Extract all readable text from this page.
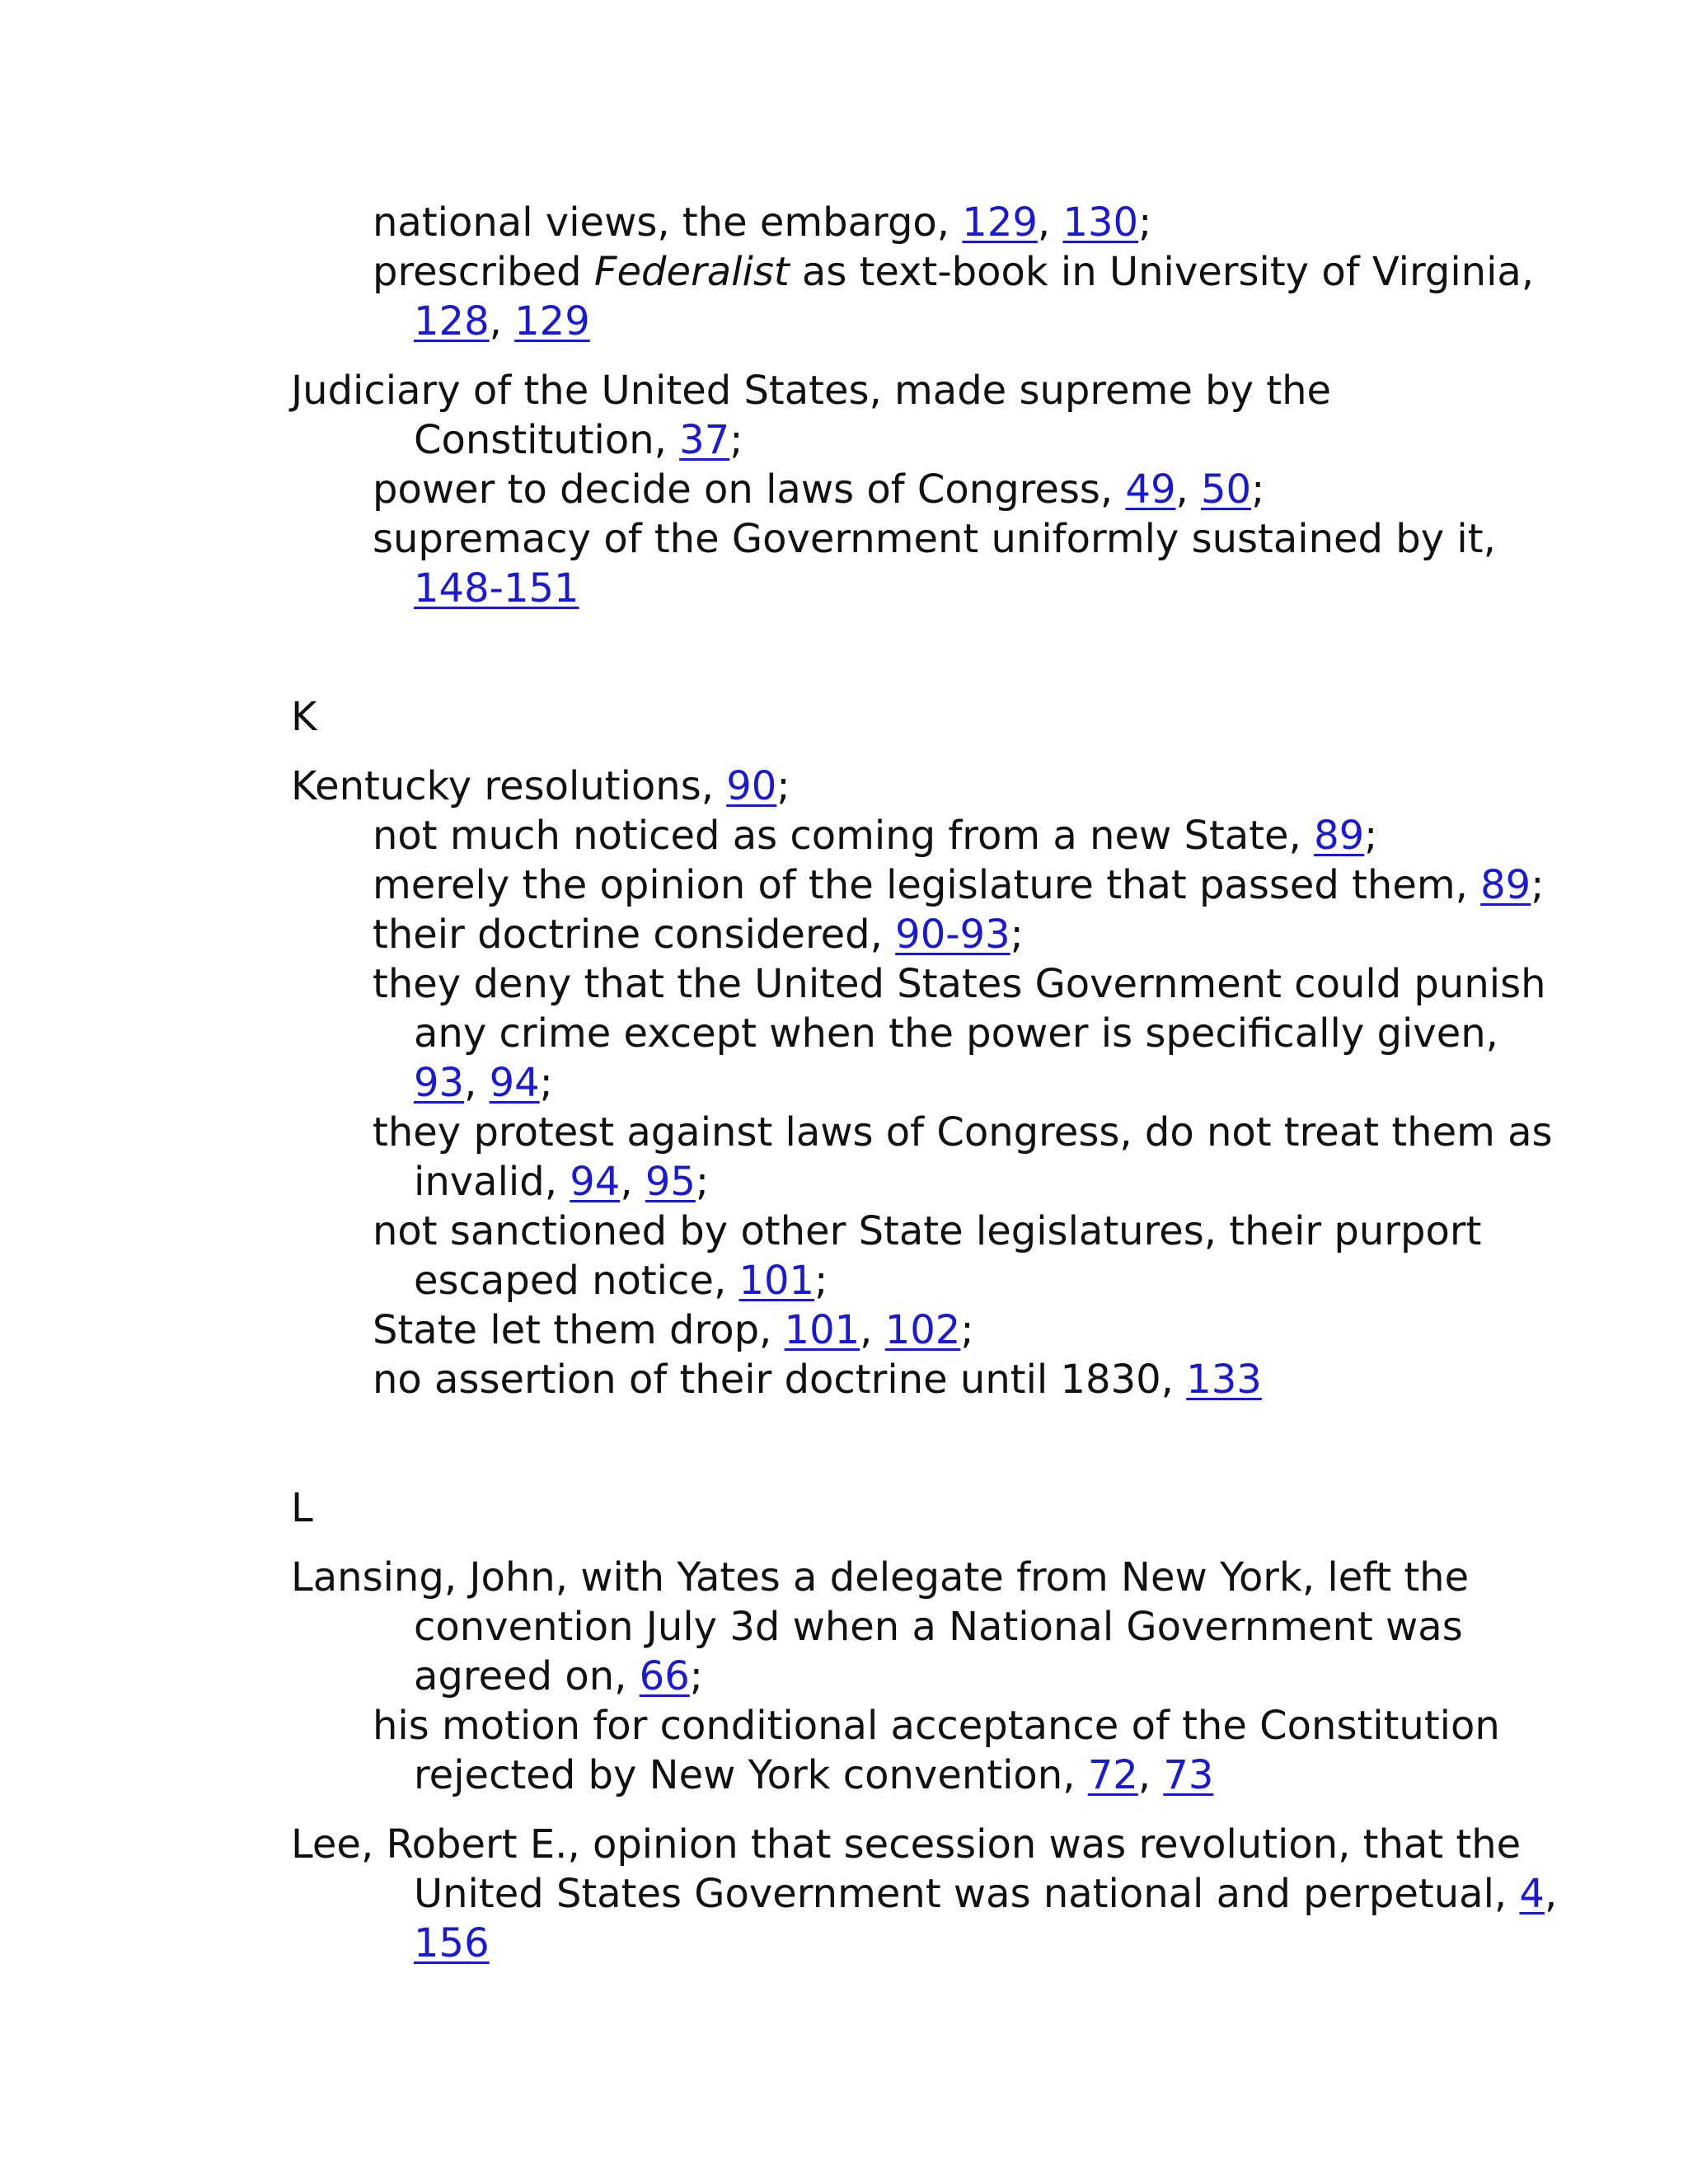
national views, the embargo, 129, 130;
prescribed Federalist as text-book in University of Virginia,
128, 129
Judiciary of the United States, made supreme by the
Constitution, 37;
power to decide on laws of Congress, 49, 50;
supremacy of the Government uniformly sustained by it,
148-151
K
Kentucky resolutions, 90;
not much noticed as coming from a new State, 89;
merely the opinion of the legislature that passed them, 89;
their doctrine considered, 90-93;
they deny that the United States Government could punish
any crime except when the power is specifically given,
93, 94;
they protest against laws of Congress, do not treat them as
invalid, 94, 95;
not sanctioned by other State legislatures, their purport
escaped notice, 101;
State let them drop, 101, 102;
no assertion of their doctrine until 1830, 133
L
Lansing, John, with Yates a delegate from New York, left the
convention July 3d when a National Government was
agreed on, 66;
his motion for conditional acceptance of the Constitution
rejected by New York convention, 72, 73
Lee, Robert E., opinion that secession was revolution, that the
United States Government was national and perpetual, 4,
156
